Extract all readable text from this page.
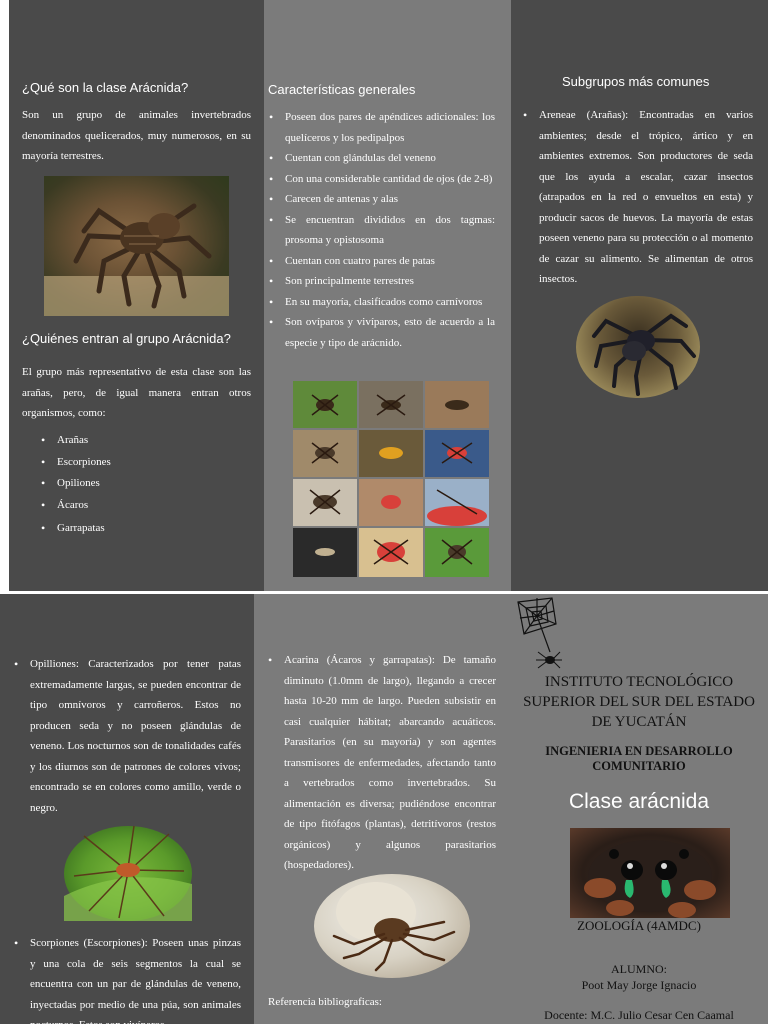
¿Qué son la clase Arácnida?
Son un grupo de animales invertebrados denominados quelicerados, muy numerosos, en su mayoría terrestres.
¿Quiénes entran al grupo Arácnida?
El grupo más representativo de esta clase son las arañas, pero, de igual manera entran otros organismos, como:
• Arañas
• Escorpiones
• Opiliones
• Ácaros
• Garrapatas
Características generales
• Poseen dos pares de apéndices adicionales: los quelíceros y los pedipalpos
• Cuentan con glándulas del veneno
• Con una considerable cantidad de ojos (de 2-8)
• Carecen de antenas y alas
• Se encuentran divididos en dos tagmas: prosoma y opistosoma
• Cuentan con cuatro pares de patas
• Son principalmente terrestres
• En su mayoría, clasificados como carnívoros
• Son ovíparos y vivíparos, esto de acuerdo a la especie y tipo de arácnido.
Subgrupos más comunes
• Areneae (Arañas): Encontradas en varios ambientes; desde el trópico, ártico y en ambientes extremos. Son productores de seda que los ayuda a escalar, cazar insectos (atrapados en la red o envueltos en esta) y producir sacos de huevos. La mayoría de estas poseen veneno para su protección o al momento de cazar su alimento. Se alimentan de otros insectos.
• Opilliones: Caracterizados por tener patas extremadamente largas, se pueden encontrar de tipo omnívoros y carroñeros. Estos no producen seda y no poseen glándulas de veneno. Los nocturnos son de tonalidades cafés y los diurnos son de patrones de colores vivos; encontrado se en colores como amillo, verde o negro.
• Scorpiones (Escorpiones): Poseen unas pinzas y una cola de seis segmentos la cual se encuentra con un par de glándulas de veneno, inyectadas por medio de una púa, son animales nocturnos. Estos son vivíparos
• Acarina (Ácaros y garrapatas): De tamaño diminuto (1.0mm de largo), llegando a crecer hasta 10-20 mm de largo. Pueden subsistir en casi cualquier hábitat; abarcando acuáticos. Parasitarios (en su mayoría) y son agentes transmisores de enfermedades, afectando tanto a vertebrados como invertebrados. Su alimentación es diversa; pudiéndose encontrar de tipo fitófagos (plantas), detritívoros (restos orgánicos) y algunos parasitarios (hospedadores).
Referencia bibliograficas:
INSTITUTO TECNOLÓGICO SUPERIOR DEL SUR DEL ESTADO DE YUCATÁN
INGENIERIA EN DESARROLLO COMUNITARIO
Clase arácnida
ZOOLOGÍA (4AMDC)
ALUMNO:
Poot May Jorge Ignacio
Docente: M.C. Julio Cesar Cen Caamal
